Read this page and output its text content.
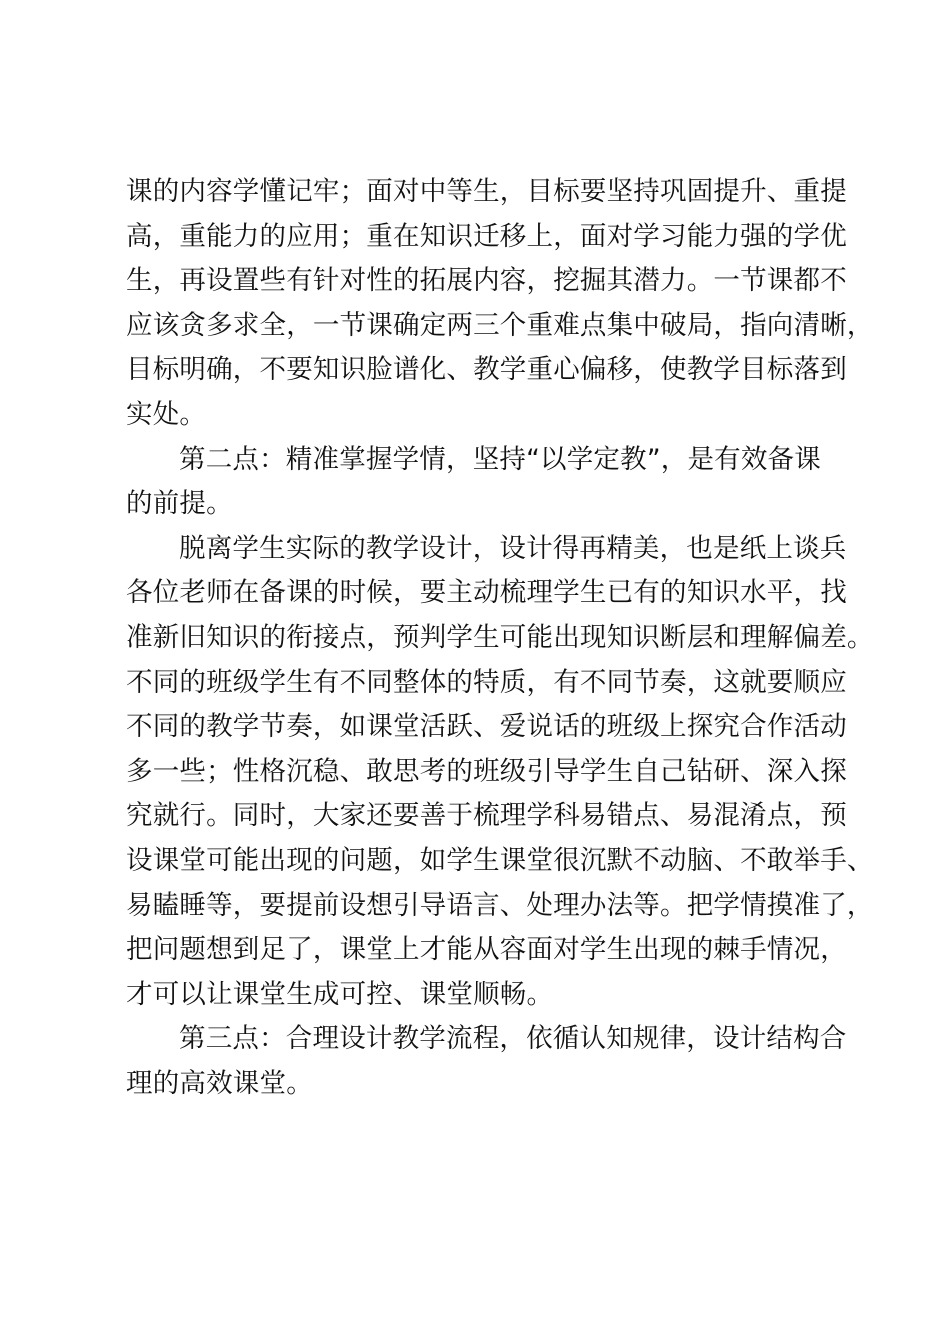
课的内容学懂记牢；面对中等生，目标要坚持巩固提升、重提
高，重能力的应用；重在知识迁移上，面对学习能力强的学优
生，再设置些有针对性的拓展内容，挖掘其潜力。一节课都不
应该贪多求全，一节课确定两三个重难点集中破局，指向清晰，
目标明确，不要知识脸谱化、教学重心偏移，使教学目标落到
实处。
第二点：精准掌握学情，坚持“以学定教”，是有效备课
的前提。
脱离学生实际的教学设计，设计得再精美，也是纸上谈兵
各位老师在备课的时候，要主动梳理学生已有的知识水平，找
准新旧知识的衔接点，预判学生可能出现知识断层和理解偏差。
不同的班级学生有不同整体的特质，有不同节奏，这就要顺应
不同的教学节奏，如课堂活跃、爱说话的班级上探究合作活动
多一些；性格沉稳、敢思考的班级引导学生自己钻研、深入探
究就行。同时，大家还要善于梳理学科易错点、易混淆点，预
设课堂可能出现的问题，如学生课堂很沉默不动脑、不敢举手、
易瞌睡等，要提前设想引导语言、处理办法等。把学情摸准了，
把问题想到足了，课堂上才能从容面对学生出现的棘手情况，
才可以让课堂生成可控、课堂顺畅。
第三点：合理设计教学流程，依循认知规律，设计结构合
理的高效课堂。
